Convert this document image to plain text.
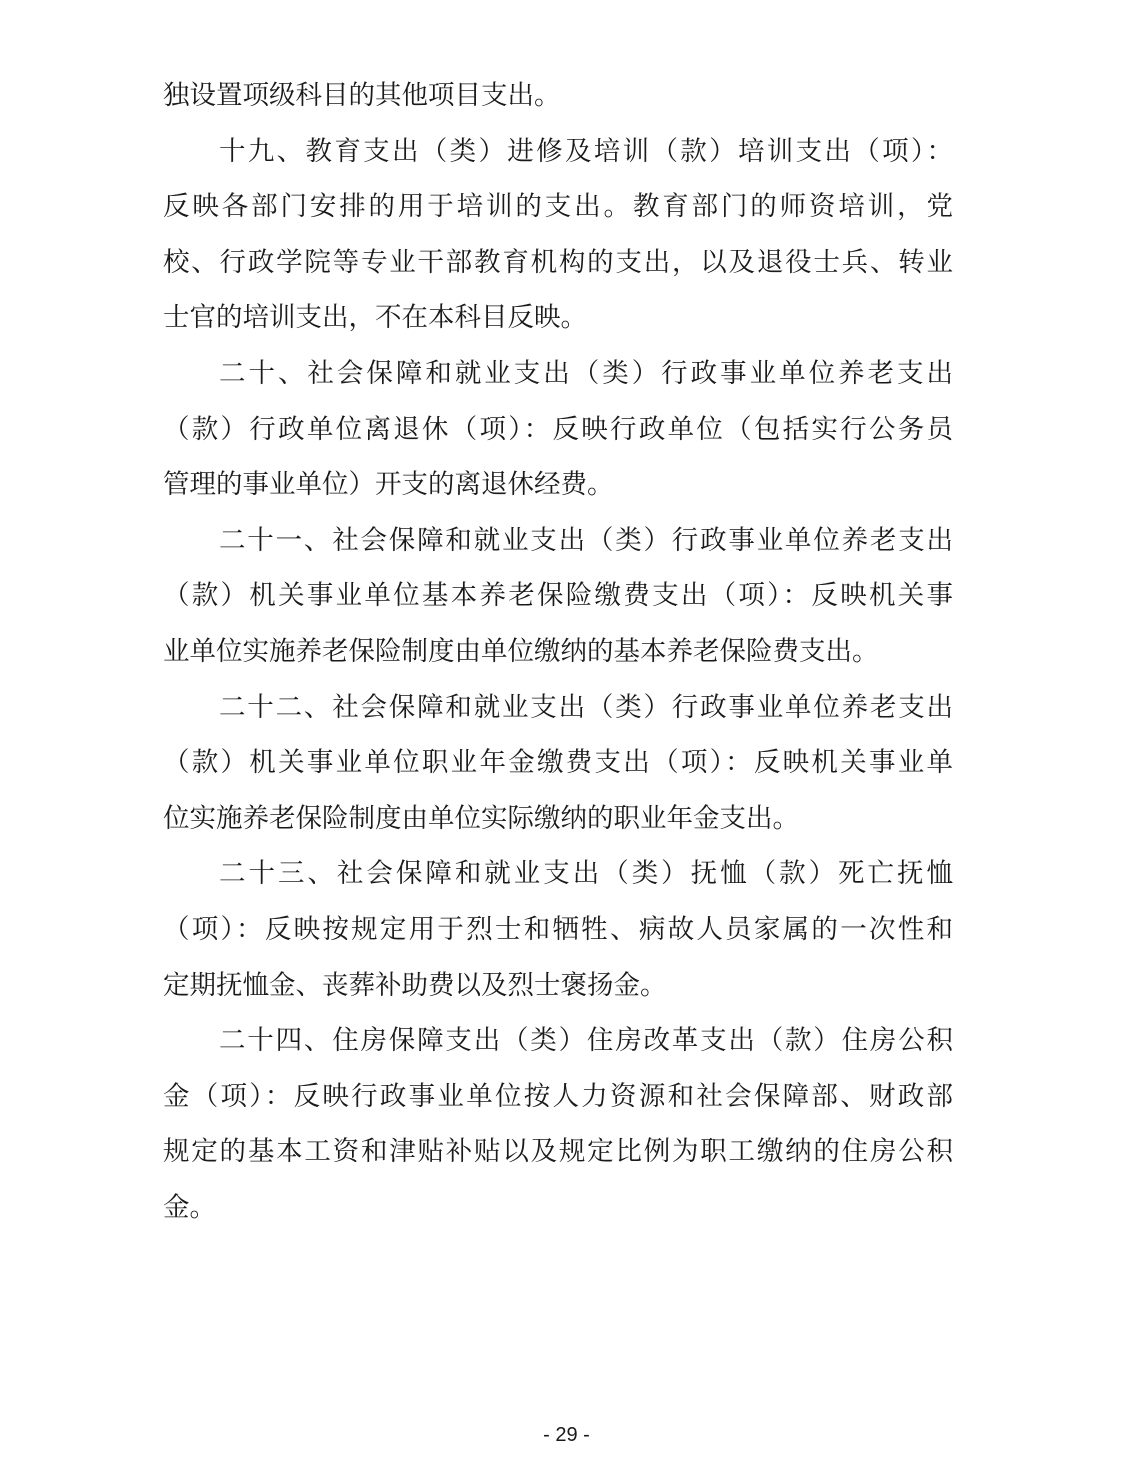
独设置项级科目的其他项目支出。
十九、教育支出（类）进修及培训（款）培训支出（项）：
反映各部门安排的用于培训的支出。教育部门的师资培训，党
校、行政学院等专业干部教育机构的支出，以及退役士兵、转业
士官的培训支出，不在本科目反映。
二十、社会保障和就业支出（类）行政事业单位养老支出
（款）行政单位离退休（项）：反映行政单位（包括实行公务员
管理的事业单位）开支的离退休经费。
二十一、社会保障和就业支出（类）行政事业单位养老支出
（款）机关事业单位基本养老保险缴费支出（项）：反映机关事
业单位实施养老保险制度由单位缴纳的基本养老保险费支出。
二十二、社会保障和就业支出（类）行政事业单位养老支出
（款）机关事业单位职业年金缴费支出（项）：反映机关事业单
位实施养老保险制度由单位实际缴纳的职业年金支出。
二十三、社会保障和就业支出（类）抚恤（款）死亡抚恤
（项）：反映按规定用于烈士和牺牲、病故人员家属的一次性和
定期抚恤金、丧葬补助费以及烈士褒扬金。
二十四、住房保障支出（类）住房改革支出（款）住房公积
金（项）：反映行政事业单位按人力资源和社会保障部、财政部
规定的基本工资和津贴补贴以及规定比例为职工缴纳的住房公积
金。
- 29 -
